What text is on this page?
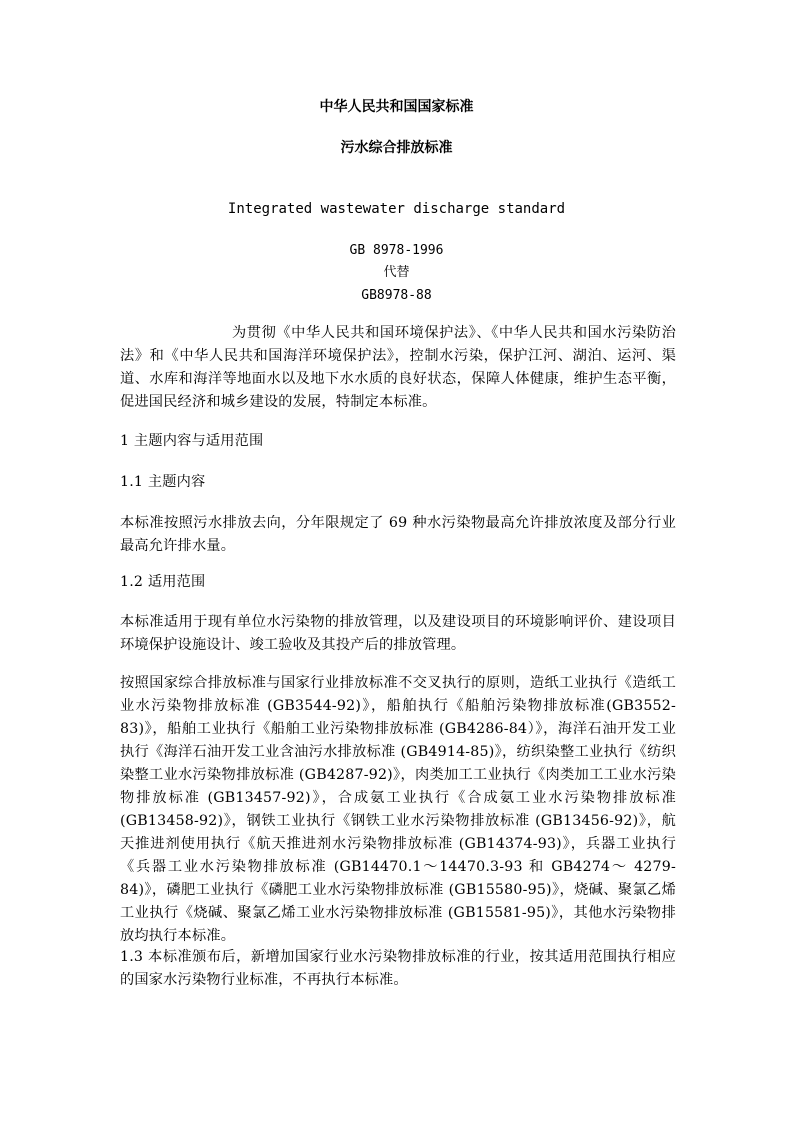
中华人民共和国国家标准
污水综合排放标准
Integrated wastewater discharge standard
GB 8978-1996
代替
GB8978-88
为贯彻《中华人民共和国环境保护法》、《中华人民共和国水污染防治法》和《中华人民共和国海洋环境保护法》，控制水污染，保护江河、湖泊、运河、渠道、水库和海洋等地面水以及地下水水质的良好状态，保障人体健康，维护生态平衡，促进国民经济和城乡建设的发展，特制定本标准。
1 主题内容与适用范围
1.1 主题内容
本标准按照污水排放去向，分年限规定了 69 种水污染物最高允许排放浓度及部分行业最高允许排水量。
1.2 适用范围
本标准适用于现有单位水污染物的排放管理，以及建设项目的环境影响评价、建设项目环境保护设施设计、竣工验收及其投产后的排放管理。
按照国家综合排放标准与国家行业排放标准不交叉执行的原则，造纸工业执行《造纸工业水污染物排放标准 (GB3544-92)》，船舶执行《船舶污染物排放标准(GB3552-83)》，船舶工业执行《船舶工业污染物排放标准 (GB4286-84）》，海洋石油开发工业执行《海洋石油开发工业含油污水排放标准 (GB4914-85)》，纺织染整工业执行《纺织染整工业水污染物排放标准 (GB4287-92)》，肉类加工工业执行《肉类加工工业水污染物排放标准 (GB13457-92)》，合成氨工业执行《合成氨工业水污染物排放标准 (GB13458-92)》，钢铁工业执行《钢铁工业水污染物排放标准 (GB13456-92)》，航天推进剂使用执行《航天推进剂水污染物排放标准 (GB14374-93)》，兵器工业执行《兵器工业水污染物排放标准 (GB14470.1～14470.3-93 和 GB4274～ 4279-84)》，磷肥工业执行《磷肥工业水污染物排放标准 (GB15580-95)》，烧碱、聚氯乙烯工业执行《烧碱、聚氯乙烯工业水污染物排放标准 (GB15581-95)》，其他水污染物排放均执行本标准。
1.3 本标准颁布后，新增加国家行业水污染物排放标准的行业，按其适用范围执行相应的国家水污染物行业标准，不再执行本标准。
